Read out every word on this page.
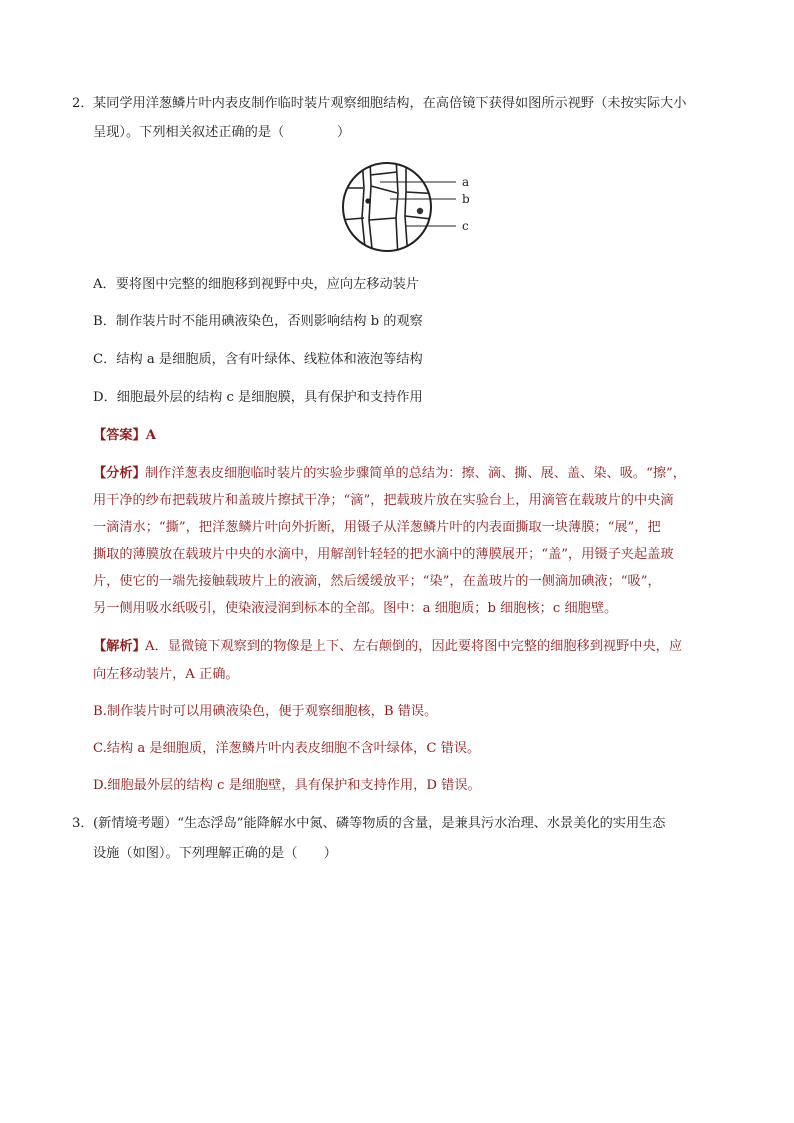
2． 某同学用洋葱鳞片叶内表皮制作临时装片观察细胞结构，在高倍镜下获得如图所示视野（未按实际大小
呈现）。下列相关叙述正确的是（　　　　）
a
b
c
A．要将图中完整的细胞移到视野中央，应向左移动装片
B．制作装片时不能用碘液染色，否则影响结构 b 的观察
C．结构 a 是细胞质，含有叶绿体、线粒体和液泡等结构
D．细胞最外层的结构 c 是细胞膜，具有保护和支持作用
【答案】A
【分析】 制作洋葱表皮细胞临时装片的实验步骤简单的总结为：擦、滴、撕、展、盖、染、吸。“擦”，
用干净的纱布把载玻片和盖玻片擦拭干净；“滴”，把载玻片放在实验台上，用滴管在载玻片的中央滴
一滴清水；“撕”，把洋葱鳞片叶向外折断，用镊子从洋葱鳞片叶的内表面撕取一块薄膜；“展”，把
撕取的薄膜放在载玻片中央的水滴中，用解剖针轻轻的把水滴中的薄膜展开；“盖”，用镊子夹起盖玻
片，使它的一端先接触载玻片上的液滴，然后缓缓放平；“染”，在盖玻片的一侧滴加碘液；“吸”，
另一侧用吸水纸吸引，使染液浸润到标本的全部。图中：a 细胞质；b 细胞核；c 细胞壁。
【解析】 A．显微镜下观察到的物像是上下、左右颠倒的，因此要将图中完整的细胞移到视野中央，应
向左移动装片，A 正确。
B.制作装片时可以用碘液染色，便于观察细胞核，B 错误。
C.结构 a 是细胞质，洋葱鳞片叶内表皮细胞不含叶绿体，C 错误。
D.细胞最外层的结构 c 是细胞壁，具有保护和支持作用，D 错误。
3． (新情境考题）“生态浮岛”能降解水中氮、磷等物质的含量，是兼具污水治理、水景美化的实用生态
设施（如图）。下列理解正确的是（　　）
